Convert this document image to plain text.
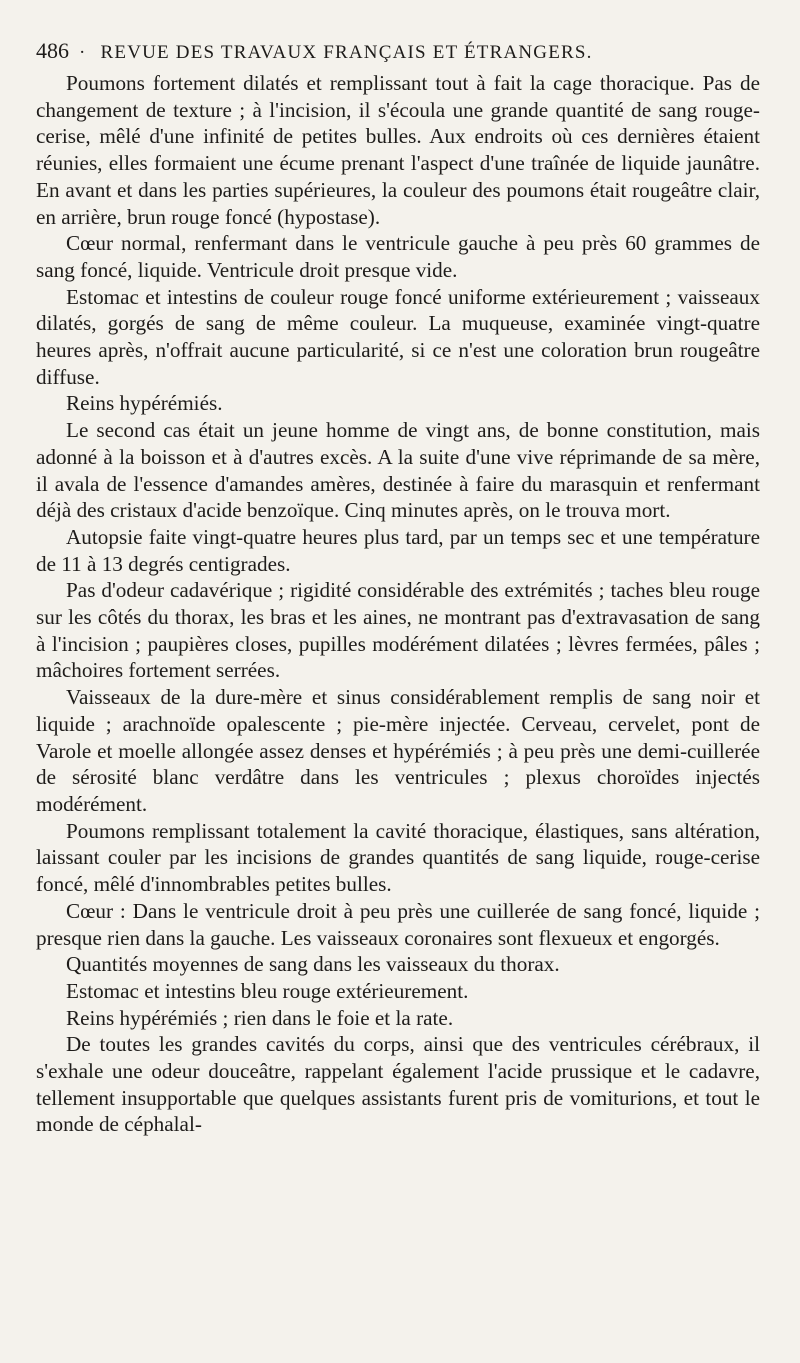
486 · REVUE DES TRAVAUX FRANÇAIS ET ÉTRANGERS.

Poumons fortement dilatés et remplissant tout à fait la cage thoracique. Pas de changement de texture ; à l'incision, il s'écoula une grande quantité de sang rouge-cerise, mêlé d'une infinité de petites bulles. Aux endroits où ces dernières étaient réunies, elles formaient une écume prenant l'aspect d'une traînée de liquide jaunâtre. En avant et dans les parties supérieures, la couleur des poumons était rougeâtre clair, en arrière, brun rouge foncé (hypostase).

Cœur normal, renfermant dans le ventricule gauche à peu près 60 grammes de sang foncé, liquide. Ventricule droit presque vide.

Estomac et intestins de couleur rouge foncé uniforme extérieurement ; vaisseaux dilatés, gorgés de sang de même couleur. La muqueuse, examinée vingt-quatre heures après, n'offrait aucune particularité, si ce n'est une coloration brun rougeâtre diffuse.

Reins hypérémiés.

Le second cas était un jeune homme de vingt ans, de bonne constitution, mais adonné à la boisson et à d'autres excès. A la suite d'une vive réprimande de sa mère, il avala de l'essence d'amandes amères, destinée à faire du marasquin et renfermant déjà des cristaux d'acide benzoïque. Cinq minutes après, on le trouva mort.

Autopsie faite vingt-quatre heures plus tard, par un temps sec et une température de 11 à 13 degrés centigrades.

Pas d'odeur cadavérique ; rigidité considérable des extrémités ; taches bleu rouge sur les côtés du thorax, les bras et les aines, ne montrant pas d'extravasation de sang à l'incision ; paupières closes, pupilles modérément dilatées ; lèvres fermées, pâles ; mâchoires fortement serrées.

Vaisseaux de la dure-mère et sinus considérablement remplis de sang noir et liquide ; arachnoïde opalescente ; pie-mère injectée. Cerveau, cervelet, pont de Varole et moelle allongée assez denses et hypérémiés ; à peu près une demi-cuillerée de sérosité blanc verdâtre dans les ventricules ; plexus choroïdes injectés modérément.

Poumons remplissant totalement la cavité thoracique, élastiques, sans altération, laissant couler par les incisions de grandes quantités de sang liquide, rouge-cerise foncé, mêlé d'innombrables petites bulles.

Cœur : Dans le ventricule droit à peu près une cuillerée de sang foncé, liquide ; presque rien dans la gauche. Les vaisseaux coronaires sont flexueux et engorgés.

Quantités moyennes de sang dans les vaisseaux du thorax.

Estomac et intestins bleu rouge extérieurement.

Reins hypérémiés ; rien dans le foie et la rate.

De toutes les grandes cavités du corps, ainsi que des ventricules cérébraux, il s'exhale une odeur douceâtre, rappelant également l'acide prussique et le cadavre, tellement insupportable que quelques assistants furent pris de vomiturions, et tout le monde de céphalal-
